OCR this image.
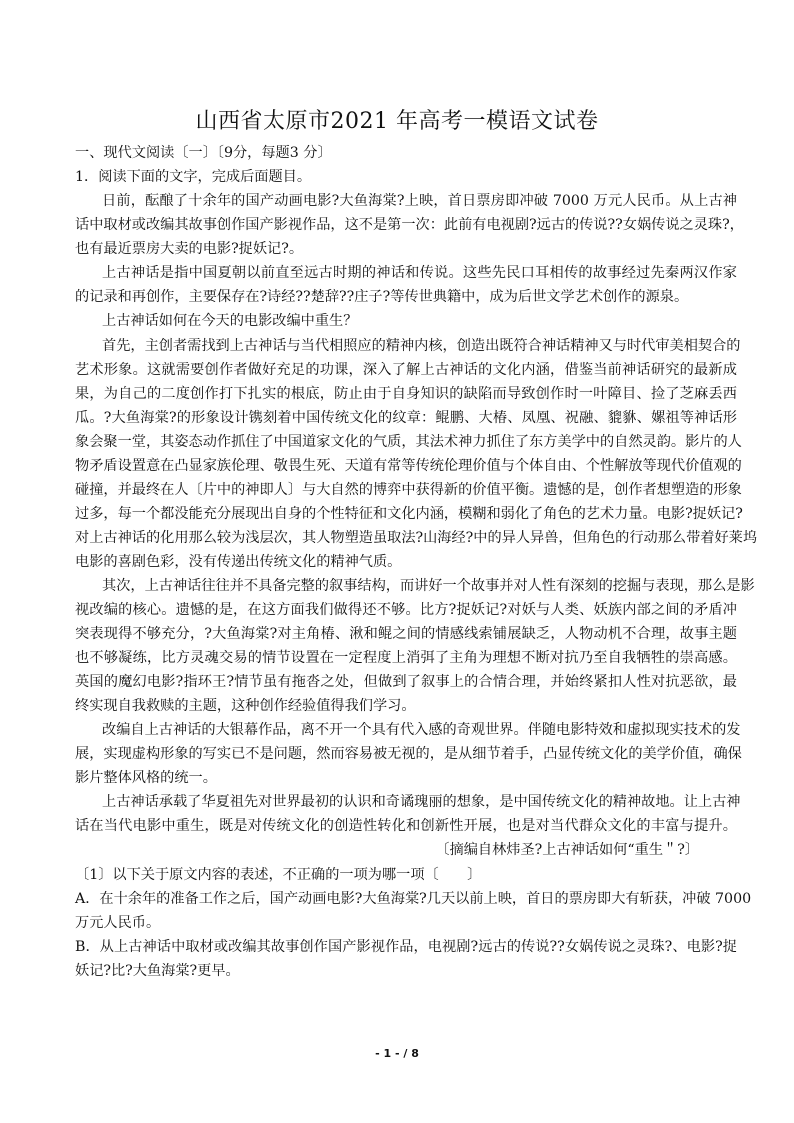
山西省太原市2021 年高考一模语文试卷
一、现代文阅读〔一〕〔9分，每题3 分〕
1．阅读下面的文字，完成后面题目。
日前，酝酿了十余年的国产动画电影?大鱼海棠?上映，首日票房即冲破 7000 万元人民币。从上古神
话中取材或改编其故事创作国产影视作品，这不是第一次：此前有电视剧?远古的传说??女娲传说之灵珠?，
也有最近票房大卖的电影?捉妖记?。
上古神话是指中国夏朝以前直至远古时期的神话和传说。这些先民口耳相传的故事经过先秦两汉作家
的记录和再创作，主要保存在?诗经??楚辞??庄子?等传世典籍中，成为后世文学艺术创作的源泉。
上古神话如何在今天的电影改编中重生？
首先，主创者需找到上古神话与当代相照应的精神内核，创造出既符合神话精神又与时代审美相契合的
艺术形象。这就需要创作者做好充足的功课，深入了解上古神话的文化内涵，借鉴当前神话研究的最新成
果，为自己的二度创作打下扎实的根底，防止由于自身知识的缺陷而导致创作时一叶障目、捡了芝麻丢西
瓜。?大鱼海棠?的形象设计镌刻着中国传统文化的纹章：鲲鹏、大椿、凤凰、祝融、貔貅、嫘祖等神话形
象会聚一堂，其姿态动作抓住了中国道家文化的气质，其法术神力抓住了东方美学中的自然灵韵。影片的人
物矛盾设置意在凸显家族伦理、敬畏生死、天道有常等传统伦理价值与个体自由、个性解放等现代价值观的
碰撞，并最终在人〔片中的神即人〕与大自然的博弈中获得新的价值平衡。遗憾的是，创作者想塑造的形象
过多，每一个都没能充分展现出自身的个性特征和文化内涵，模糊和弱化了角色的艺术力量。电影?捉妖记?
对上古神话的化用那么较为浅层次，其人物塑造虽取法?山海经?中的异人异兽，但角色的行动那么带着好莱坞
电影的喜剧色彩，没有传递出传统文化的精神气质。
其次，上古神话往往并不具备完整的叙事结构，而讲好一个故事并对人性有深刻的挖掘与表现，那么是影
视改编的核心。遗憾的是，在这方面我们做得还不够。比方?捉妖记?对妖与人类、妖族内部之间的矛盾冲
突表现得不够充分，?大鱼海棠?对主角椿、湫和鲲之间的情感线索铺展缺乏，人物动机不合理，故事主题
也不够凝练，比方灵魂交易的情节设置在一定程度上消弭了主角为理想不断对抗乃至自我牺牲的崇高感。
英国的魔幻电影?指环王?情节虽有拖沓之处，但做到了叙事上的合情合理，并始终紧扣人性对抗恶欲，最
终实现自我救赎的主题，这种创作经验值得我们学习。
改编自上古神话的大银幕作品，离不开一个具有代入感的奇观世界。伴随电影特效和虚拟现实技术的发
展，实现虚构形象的写实已不是问题，然而容易被无视的，是从细节着手，凸显传统文化的美学价值，确保
影片整体风格的统一。
上古神话承载了华夏祖先对世界最初的认识和奇谲瑰丽的想象，是中国传统文化的精神故地。让上古神
话在当代电影中重生，既是对传统文化的创造性转化和创新性开展，也是对当代群众文化的丰富与提升。
〔摘编自林炜圣?上古神话如何“重生＂?〕
〔1〕以下关于原文内容的表述，不正确的一项为哪一项〔　　〕
A．在十余年的准备工作之后，国产动画电影?大鱼海棠?几天以前上映，首日的票房即大有斩获，冲破 7000
万元人民币。
B．从上古神话中取材或改编其故事创作国产影视作品，电视剧?远古的传说??女娲传说之灵珠?、电影?捉
妖记?比?大鱼海棠?更早。
- 1 - / 8
